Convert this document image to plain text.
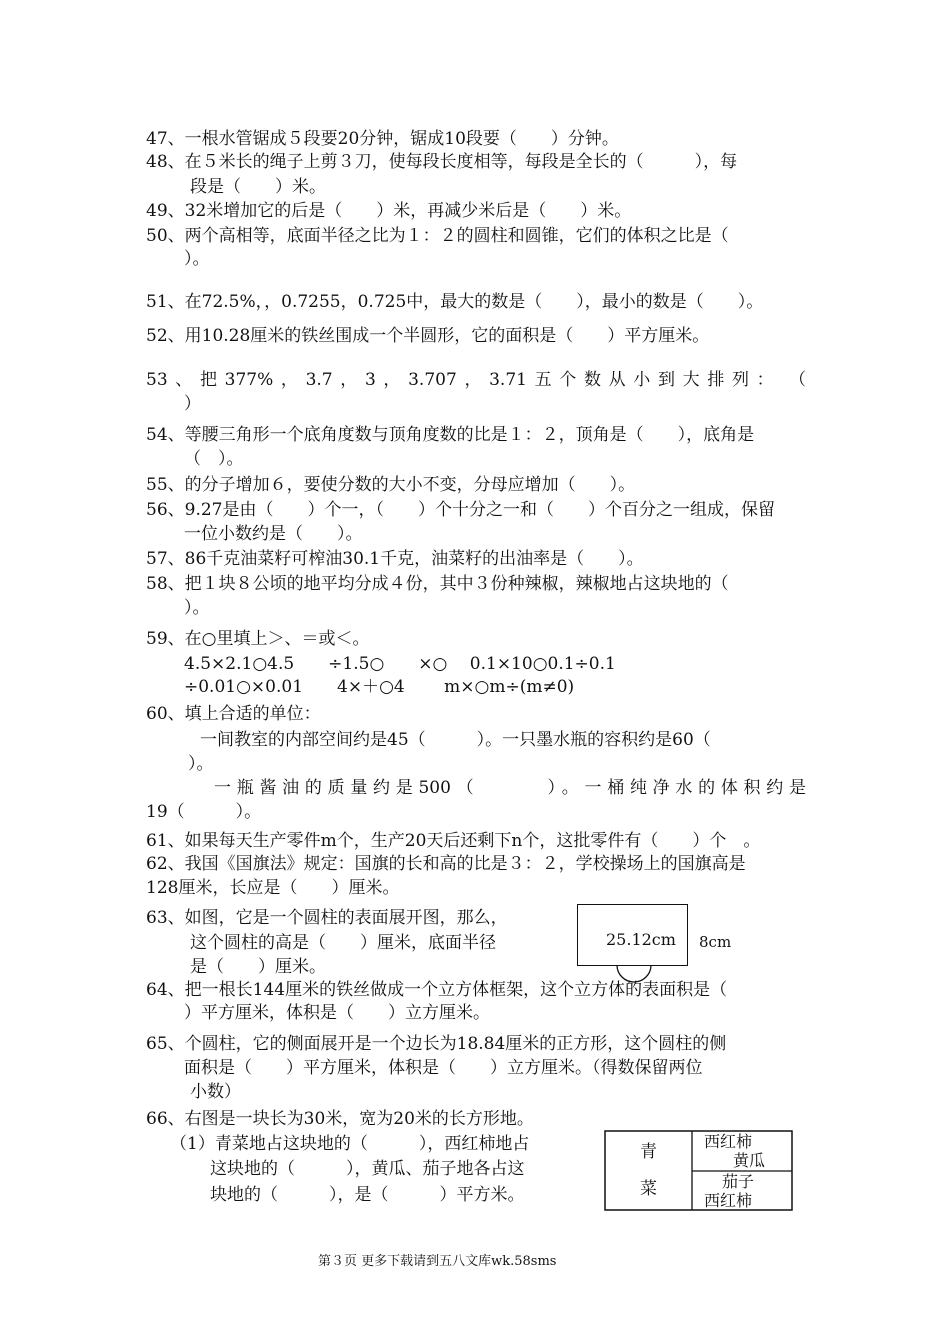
47、一根水管锯成５段要20分钟，锯成10段要（　　）分钟。
48、在５米长的绳子上剪３刀，使每段长度相等，每段是全长的（　　　），每
段是（　　）米。
49、32米增加它的后是（　　）米，再减少米后是（　　）米。
50、两个高相等，底面半径之比为１：２的圆柱和圆锥，它们的体积之比是（
）。
51、在72.5%，，0.7255，0.725中，最大的数是（　　），最小的数是（　　）。
52、用10.28厘米的铁丝围成一个半圆形，它的面积是（　　）平方厘米。
53、把377%，3.7，3，3.707，3.71五个数从小到大排列：　（
）
54、等腰三角形一个底角度数与顶角度数的比是１：２，顶角是（　　），底角是
（　）。
55、的分子增加６，要使分数的大小不变，分母应增加（　　）。
56、9.27是由（　　）个一，（　　）个十分之一和（　　）个百分之一组成，保留
一位小数约是（　　）。
57、86千克油菜籽可榨油30.1千克，油菜籽的出油率是（　　）。
58、把１块８公顷的地平均分成４份，其中３份种辣椒，辣椒地占这块地的（
）。
59、在○里填上＞、＝或＜。
4.5×2.1○4.5　　÷1.5○　　×○　 0.1×10○0.1÷0.1
÷0.01○×0.01　　4×＋○4　　 m×○m÷(m≠0)
60、填上合适的单位：
一间教室的内部空间约是45（　　　）。一只墨水瓶的容积约是60（
）。
一瓶酱油的质量约是500（　　　）。一桶纯净水的体积约是
19（　　　）。
61、如果每天生产零件m个，生产20天后还剩下n个，这批零件有（　　）个　。
62、我国《国旗法》规定：国旗的长和高的比是３：２，学校操场上的国旗高是
128厘米，长应是（　　）厘米。
63、如图，它是一个圆柱的表面展开图，那么，
这个圆柱的高是（　　）厘米，底面半径
是（　　）厘米。
25.12cm 8cm
64、把一根长144厘米的铁丝做成一个立方体框架，这个立方体的表面积是（
）平方厘米，体积是（　　）立方厘米。
65、个圆柱，它的侧面展开是一个边长为18.84厘米的正方形，这个圆柱的侧
面积是（　　）平方厘米，体积是（　　）立方厘米。（得数保留两位
小数）
66、右图是一块长为30米，宽为20米的长方形地。
（1）青菜地占这块地的（　　　），西红柿地占
这块地的（　　　），黄瓜、茄子地各占这
块地的（　　　），是（　　　）平方米。
青
菜
西红柿
黄瓜
茄子
西红柿
第３页 更多下载请到五八文库wk.58sms
